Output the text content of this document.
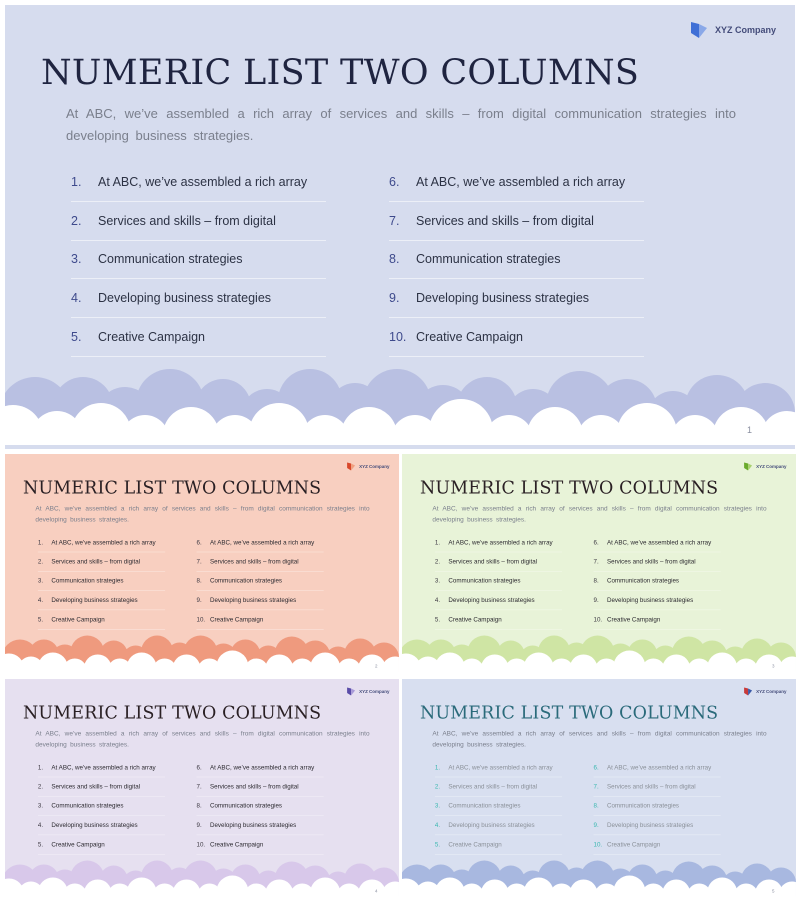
XYZ Company
NUMERIC LIST TWO COLUMNS
At ABC, we’ve assembled a rich array of services and skills – from digital communication strategies into developing business strategies.
1.	At ABC, we’ve assembled a rich array
2.	Services and skills – from digital
3.	Communication strategies
4.	Developing business strategies
5.	Creative Campaign
6.	At ABC, we’ve assembled a rich array
7.	Services and skills – from digital
8.	Communication strategies
9.	Developing business strategies
10. Creative Campaign
1
XYZ Company
NUMERIC LIST TWO COLUMNS
At ABC, we’ve assembled a rich array of services and skills – from digital communication strategies into developing business strategies.
1. At ABC, we’ve assembled a rich array
2. Services and skills – from digital
3. Communication strategies
4. Developing business strategies
5. Creative Campaign
6. At ABC, we’ve assembled a rich array
7. Services and skills – from digital
8. Communication strategies
9. Developing business strategies
10. Creative Campaign
2
XYZ Company
NUMERIC LIST TWO COLUMNS
At ABC, we’ve assembled a rich array of services and skills – from digital communication strategies into developing business strategies.
1. At ABC, we’ve assembled a rich array
2. Services and skills – from digital
3. Communication strategies
4. Developing business strategies
5. Creative Campaign
6. At ABC, we’ve assembled a rich array
7. Services and skills – from digital
8. Communication strategies
9. Developing business strategies
10. Creative Campaign
3
XYZ Company
NUMERIC LIST TWO COLUMNS
At ABC, we’ve assembled a rich array of services and skills – from digital communication strategies into developing business strategies.
1. At ABC, we’ve assembled a rich array
2. Services and skills – from digital
3. Communication strategies
4. Developing business strategies
5. Creative Campaign
6. At ABC, we’ve assembled a rich array
7. Services and skills – from digital
8. Communication strategies
9. Developing business strategies
10. Creative Campaign
4
XYZ Company
NUMERIC LIST TWO COLUMNS
At ABC, we’ve assembled a rich array of services and skills – from digital communication strategies into developing business strategies.
1. At ABC, we’ve assembled a rich array
2. Services and skills – from digital
3. Communication strategies
4. Developing business strategies
5. Creative Campaign
6. At ABC, we’ve assembled a rich array
7. Services and skills – from digital
8. Communication strategies
9. Developing business strategies
10. Creative Campaign
5
